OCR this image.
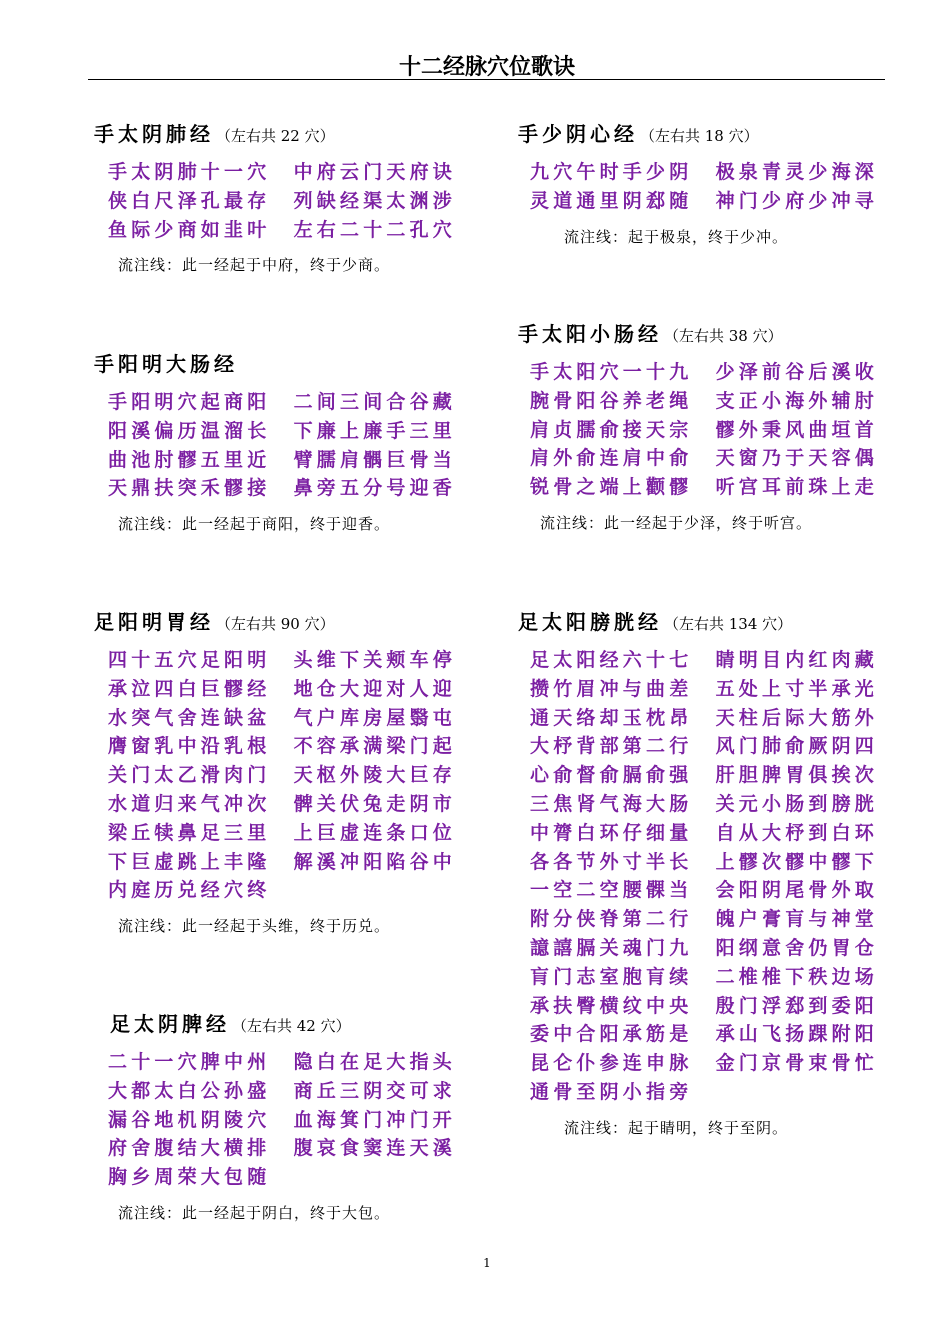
十二经脉穴位歌诀
手太阴肺经 （左右共 22 穴）
手太阴肺十一穴　中府云门天府诀
侠白尺泽孔最存　列缺经渠太渊涉
鱼际少商如韭叶　左右二十二孔穴
流注线：此一经起于中府，终于少商。
手阳明大肠经
手阳明穴起商阳　二间三间合谷藏
阳溪偏历温溜长　下廉上廉手三里
曲池肘髎五里近　臂臑肩髃巨骨当
天鼎扶突禾髎接　鼻旁五分号迎香
流注线：此一经起于商阳，终于迎香。
足阳明胃经 （左右共 90 穴）
四十五穴足阳明　头维下关颊车停
承泣四白巨髎经　地仓大迎对人迎
水突气舍连缺盆　气户库房屋翳屯
膺窗乳中沿乳根　不容承满梁门起
关门太乙滑肉门　天枢外陵大巨存
水道归来气冲次　髀关伏兔走阴市
梁丘犊鼻足三里　上巨虚连条口位
下巨虚跳上丰隆　解溪冲阳陷谷中
内庭历兑经穴终
流注线：此一经起于头维，终于历兑。
足太阴脾经 （左右共 42 穴）
二十一穴脾中州　隐白在足大指头
大都太白公孙盛　商丘三阴交可求
漏谷地机阴陵穴　血海箕门冲门开
府舍腹结大横排　腹哀食窦连天溪
胸乡周荣大包随
流注线：此一经起于阴白，终于大包。
手少阴心经 （左右共 18 穴）
九穴午时手少阴　极泉青灵少海深
灵道通里阴郄随　神门少府少冲寻
流注线：起于极泉，终于少冲。
手太阳小肠经 （左右共 38 穴）
手太阳穴一十九　少泽前谷后溪收
腕骨阳谷养老绳　支正小海外辅肘
肩贞臑俞接天宗　髎外秉风曲垣首
肩外俞连肩中俞　天窗乃于天容偶
锐骨之端上颧髎　听宫耳前珠上走
流注线：此一经起于少泽，终于听宫。
足太阳膀胱经 （左右共 134 穴）
足太阳经六十七　睛明目内红肉藏
攒竹眉冲与曲差　五处上寸半承光
通天络却玉枕昂　天柱后际大筋外
大杼背部第二行　风门肺俞厥阴四
心俞督俞膈俞强　肝胆脾胃俱挨次
三焦肾气海大肠　关元小肠到膀胱
中膂白环仔细量　自从大杼到白环
各各节外寸半长　上髎次髎中髎下
一空二空腰髁当　会阳阴尾骨外取
附分侠脊第二行　魄户膏肓与神堂
譩譆膈关魂门九　阳纲意舍仍胃仓
肓门志室胞肓续　二椎椎下秩边场
承扶臀横纹中央　殷门浮郄到委阳
委中合阳承筋是　承山飞扬踝附阳
昆仑仆参连申脉　金门京骨束骨忙
通骨至阴小指旁
流注线：起于睛明，终于至阴。
1
